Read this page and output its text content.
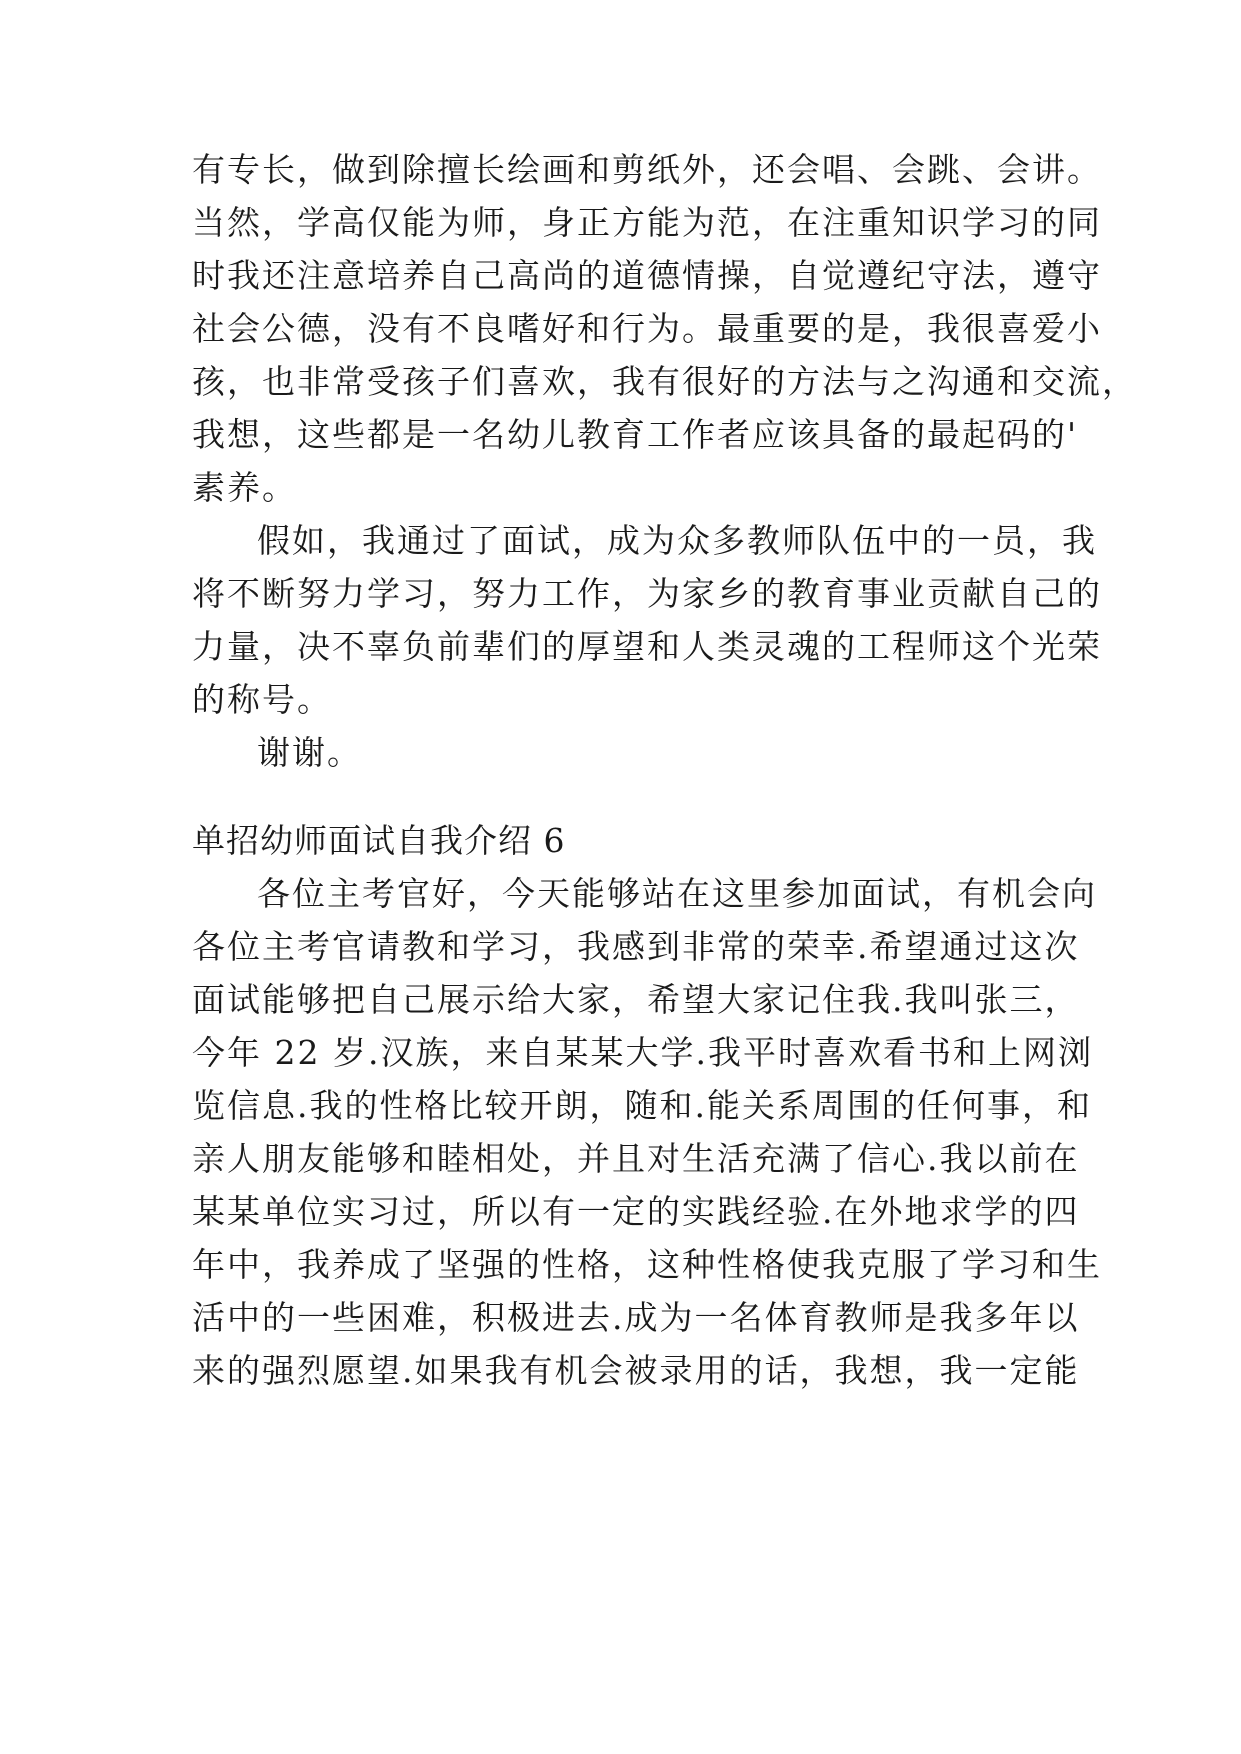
有专长，做到除擅长绘画和剪纸外，还会唱、会跳、会讲。
当然，学高仅能为师，身正方能为范，在注重知识学习的同
时我还注意培养自己高尚的道德情操，自觉遵纪守法，遵守
社会公德，没有不良嗜好和行为。最重要的是，我很喜爱小
孩，也非常受孩子们喜欢，我有很好的方法与之沟通和交流，
我想，这些都是一名幼儿教育工作者应该具备的最起码的'
素养。
假如，我通过了面试，成为众多教师队伍中的一员，我
将不断努力学习，努力工作，为家乡的教育事业贡献自己的
力量，决不辜负前辈们的厚望和人类灵魂的工程师这个光荣
的称号。
谢谢。
单招幼师面试自我介绍 6
各位主考官好，今天能够站在这里参加面试，有机会向
各位主考官请教和学习，我感到非常的荣幸.希望通过这次
面试能够把自己展示给大家，希望大家记住我.我叫张三，
今年 22 岁.汉族，来自某某大学.我平时喜欢看书和上网浏
览信息.我的性格比较开朗，随和.能关系周围的任何事，和
亲人朋友能够和睦相处，并且对生活充满了信心.我以前在
某某单位实习过，所以有一定的实践经验.在外地求学的四
年中，我养成了坚强的性格，这种性格使我克服了学习和生
活中的一些困难，积极进去.成为一名体育教师是我多年以
来的强烈愿望.如果我有机会被录用的话，我想，我一定能
